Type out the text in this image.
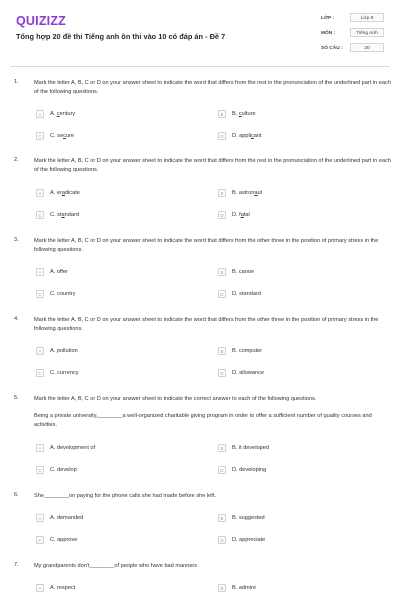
QUIZIZZ
Tổng hợp 20 đề thi Tiếng anh ôn thi vào 10 có đáp án - Đề 7
LỚP :	Lớp 9
MÔN :	Tiếng Anh
SỐ CÂU :	30
1.	Mark the letter A, B, C or D on your answer sheet to indicate the word that differs from the rest in the pronunciation of the underlined part in each of the following questions.
A	A. century	B	B. culture
C	C. secure	D	D. applicant
2.	Mark the letter A, B, C or D on your answer sheet to indicate the word that differs from the rest in the pronunciation of the underlined part in each of the following questions.
A	A. eradicate	B	B. astronaut
C	C. standard	D	D. fatal
3.	Mark the letter A, B, C or D on your answer sheet to indicate the word that differs from the other three in the position of primary stress in the following questions.
A	A. offer	B	B. canoe
C	C. country	D	D. standard
4.	Mark the letter A, B, C or D on your answer sheet to indicate the word that differs from the other three in the position of primary stress in the following questions.
A	A. pollution	B	B. computer
C	C. currency	D	D. allowance
5.	Mark the letter A, B, C or D on your answer sheet to indicate the correct answer to each of the following questions.
Being a private university,________a well-organized charitable giving program in order to offer a sufficient number of quality courses and activities.
A	A. development of	B	B. it developed
C	C. develop	D	D. developing
6.	She________on paying for the phone calls she had made before she left.
A	A. demanded	B	B. suggested
C	C. approve	D	D. appreciate
7.	My grandparents don't________of people who have bad manners
A	A. respect	B	B. admire
